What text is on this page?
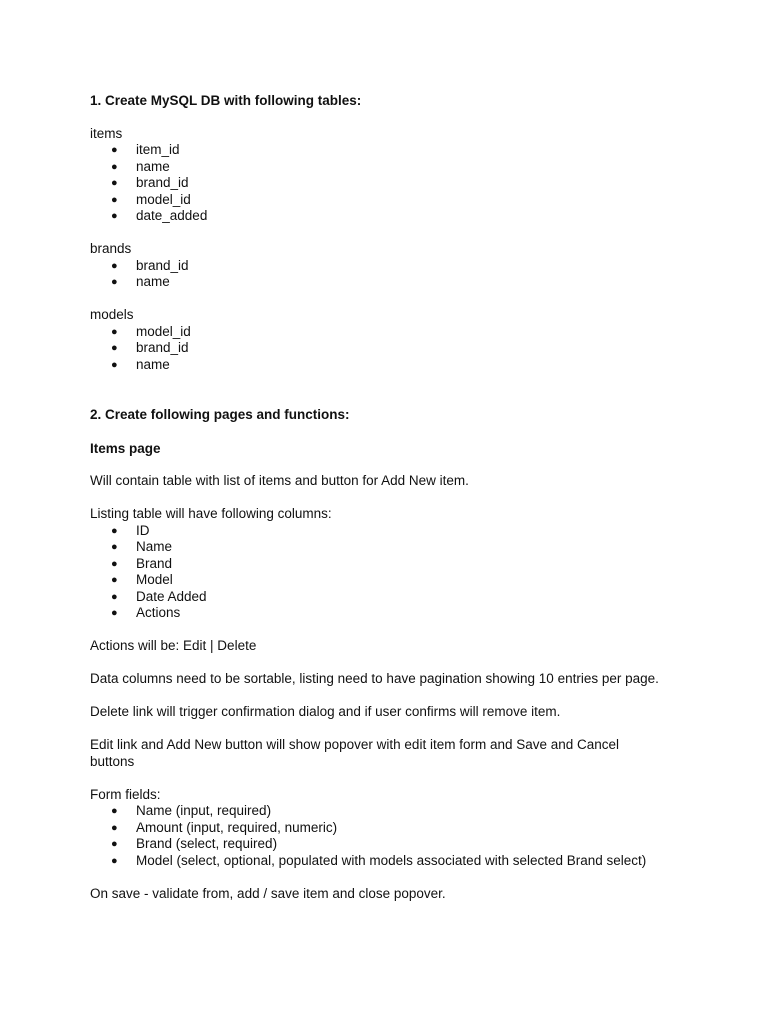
1. Create MySQL DB with following tables:

items

● item_id
● name
● brand_id
● model_id
● date_added

brands

● brand_id
● name

models

● model_id
● brand_id
● name

2. Create following pages and functions:

Items page

Will contain table with list of items and button for Add New item.

Listing table will have following columns:

● ID
● Name
● Brand
● Model
● Date Added
● Actions

Actions will be: Edit | Delete

Data columns need to be sortable, listing need to have pagination showing 10 entries per page.

Delete link will trigger confirmation dialog and if user confirms will remove item.

Edit link and Add New button will show popover with edit item form and Save and Cancel buttons

Form fields:

● Name (input, required)
● Amount (input, required, numeric)
● Brand (select, required)
● Model (select, optional, populated with models associated with selected Brand select)

On save - validate from, add / save item and close popover.
